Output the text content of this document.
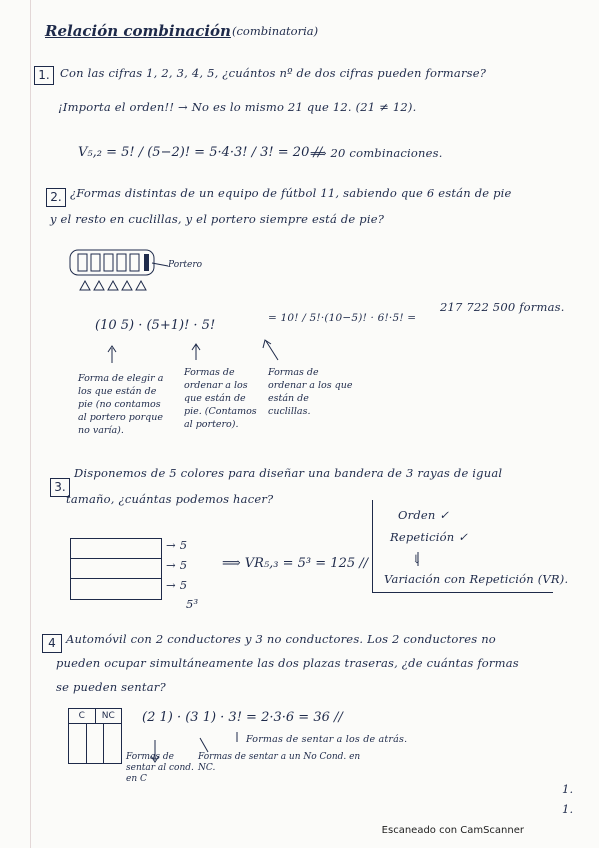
Relación combinación (combinatoria)
1. Con las cifras 1, 2, 3, 4, 5, ¿cuántos nº de dos cifras pueden formarse?
¡Importa el orden!! → No es lo mismo 21 que 12. (21 ≠ 12).
V₅,₂ = 5! / (5−2)! = 5·4·3! / 3! = 20 //
⟹ 20 combinaciones.
2. ¿Formas distintas de un equipo de fútbol 11, sabiendo que 6 están de pie
y el resto en cuclillas, y el portero siempre está de pie?
Portero
(10 5) · (5+1)! · 5!	= 10! / 5!·(10−5)! · 6!·5! =
217 722 500 formas.
Forma de elegir a los que están de pie (no contamos al portero porque no varía).
Formas de ordenar a los que están de pie. (Contamos al portero).
Formas de ordenar a los que están de cuclillas.
3.
Disponemos de 5 colores para diseñar una bandera de 3 rayas de igual
tamaño, ¿cuántas podemos hacer?
→ 5
→ 5
→ 5
5³
⟹ VR₅,₃ = 5³ = 125 //
Orden ✓
Repetición ✓
⇓
Variación con Repetición (VR).
4 Automóvil con 2 conductores y 3 no conductores. Los 2 conductores no
pueden ocupar simultáneamente las dos plazas traseras, ¿de cuántas formas
se pueden sentar?
C	NC	(2 1) · (3 1) · 3! = 2·3·6 = 36 //
Formas de sentar al cond. en C
Formas de sentar a un No Cond. en NC.
Formas de sentar a los de atrás.
1.
1.
Escaneado con CamScanner
